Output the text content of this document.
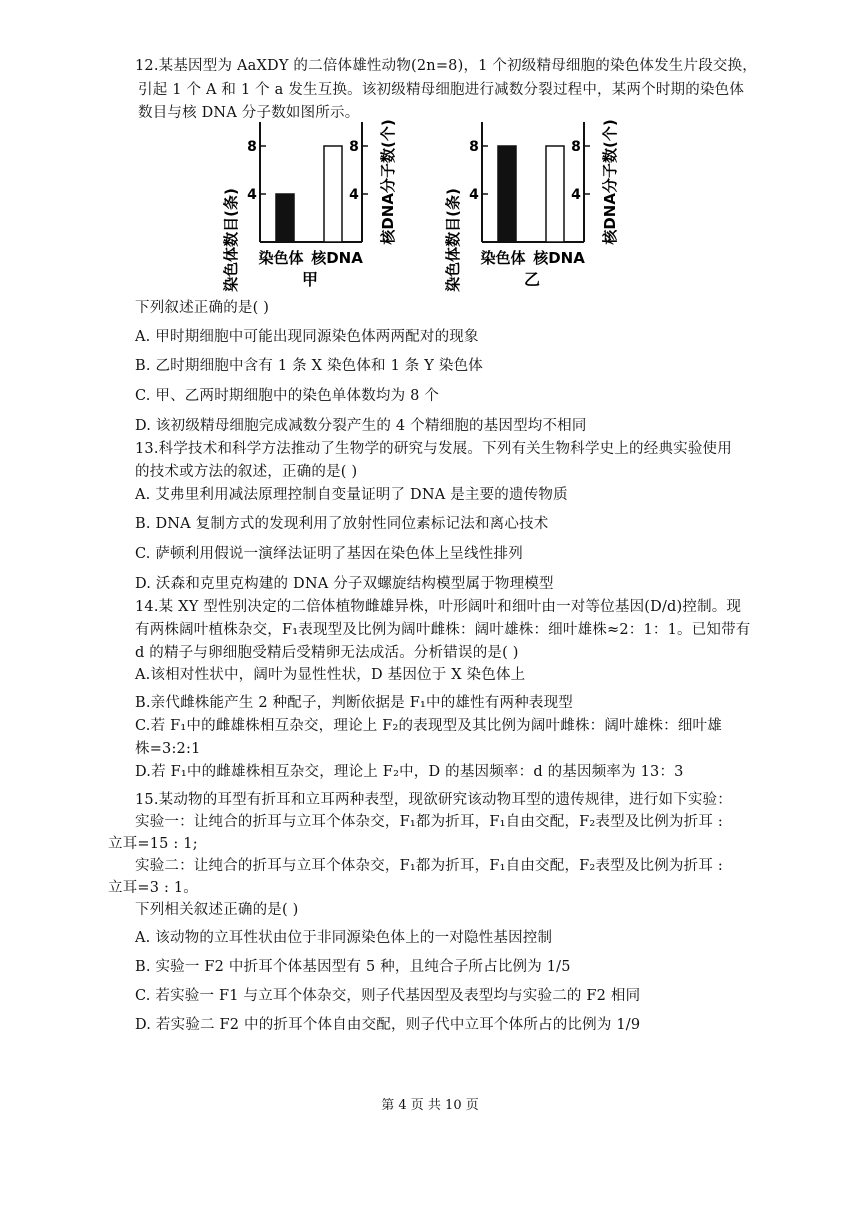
12.某基因型为 AaXDY 的二倍体雄性动物(2n=8)，1 个初级精母细胞的染色体发生片段交换，
引起 1 个 A 和 1 个 a 发生互换。该初级精母细胞进行减数分裂过程中，某两个时期的染色体
数目与核 DNA 分子数如图所示。
染色体数目(条) 4	4
8	8
染色体 核DNA
核DNA分子数(个)
甲	染色体数目(条) 4	4
8	8
染色体 核DNA
核DNA分子数(个)
乙
下列叙述正确的是( )
A. 甲时期细胞中可能出现同源染色体两两配对的现象
B. 乙时期细胞中含有 1 条 X 染色体和 1 条 Y 染色体
C. 甲、乙两时期细胞中的染色单体数均为 8 个
D. 该初级精母细胞完成减数分裂产生的 4 个精细胞的基因型均不相同
13.科学技术和科学方法推动了生物学的研究与发展。下列有关生物科学史上的经典实验使用
的技术或方法的叙述，正确的是( )
A. 艾弗里利用减法原理控制自变量证明了 DNA 是主要的遗传物质
B. DNA 复制方式的发现利用了放射性同位素标记法和离心技术
C. 萨顿利用假说一演绎法证明了基因在染色体上呈线性排列
D. 沃森和克里克构建的 DNA 分子双螺旋结构模型属于物理模型
14.某 XY 型性别决定的二倍体植物雌雄异株，叶形阔叶和细叶由一对等位基因(D/d)控制。现
有两株阔叶植株杂交，F₁表现型及比例为阔叶雌株：阔叶雄株：细叶雄株≈2：1：1。已知带有
d 的精子与卵细胞受精后受精卵无法成活。分析错误的是( )
A.该相对性状中，阔叶为显性性状，D 基因位于 X 染色体上
B.亲代雌株能产生 2 种配子，判断依据是 F₁中的雄性有两种表现型
C.若 F₁中的雌雄株相互杂交，理论上 F₂的表现型及其比例为阔叶雌株：阔叶雄株：细叶雄
株=3:2:1
D.若 F₁中的雌雄株相互杂交，理论上 F₂中，D 的基因频率：d 的基因频率为 13：3
15.某动物的耳型有折耳和立耳两种表型，现欲研究该动物耳型的遗传规律，进行如下实验：
实验一：让纯合的折耳与立耳个体杂交，F₁都为折耳，F₁自由交配，F₂表型及比例为折耳 :
立耳=15 : 1;
实验二：让纯合的折耳与立耳个体杂交，F₁都为折耳，F₁自由交配，F₂表型及比例为折耳 :
立耳=3 : 1。
下列相关叙述正确的是( )
A. 该动物的立耳性状由位于非同源染色体上的一对隐性基因控制
B. 实验一 F2 中折耳个体基因型有 5 种，且纯合子所占比例为 1/5
C. 若实验一 F1 与立耳个体杂交，则子代基因型及表型均与实验二的 F2 相同
D. 若实验二 F2 中的折耳个体自由交配，则子代中立耳个体所占的比例为 1/9
第 4 页 共 10 页
